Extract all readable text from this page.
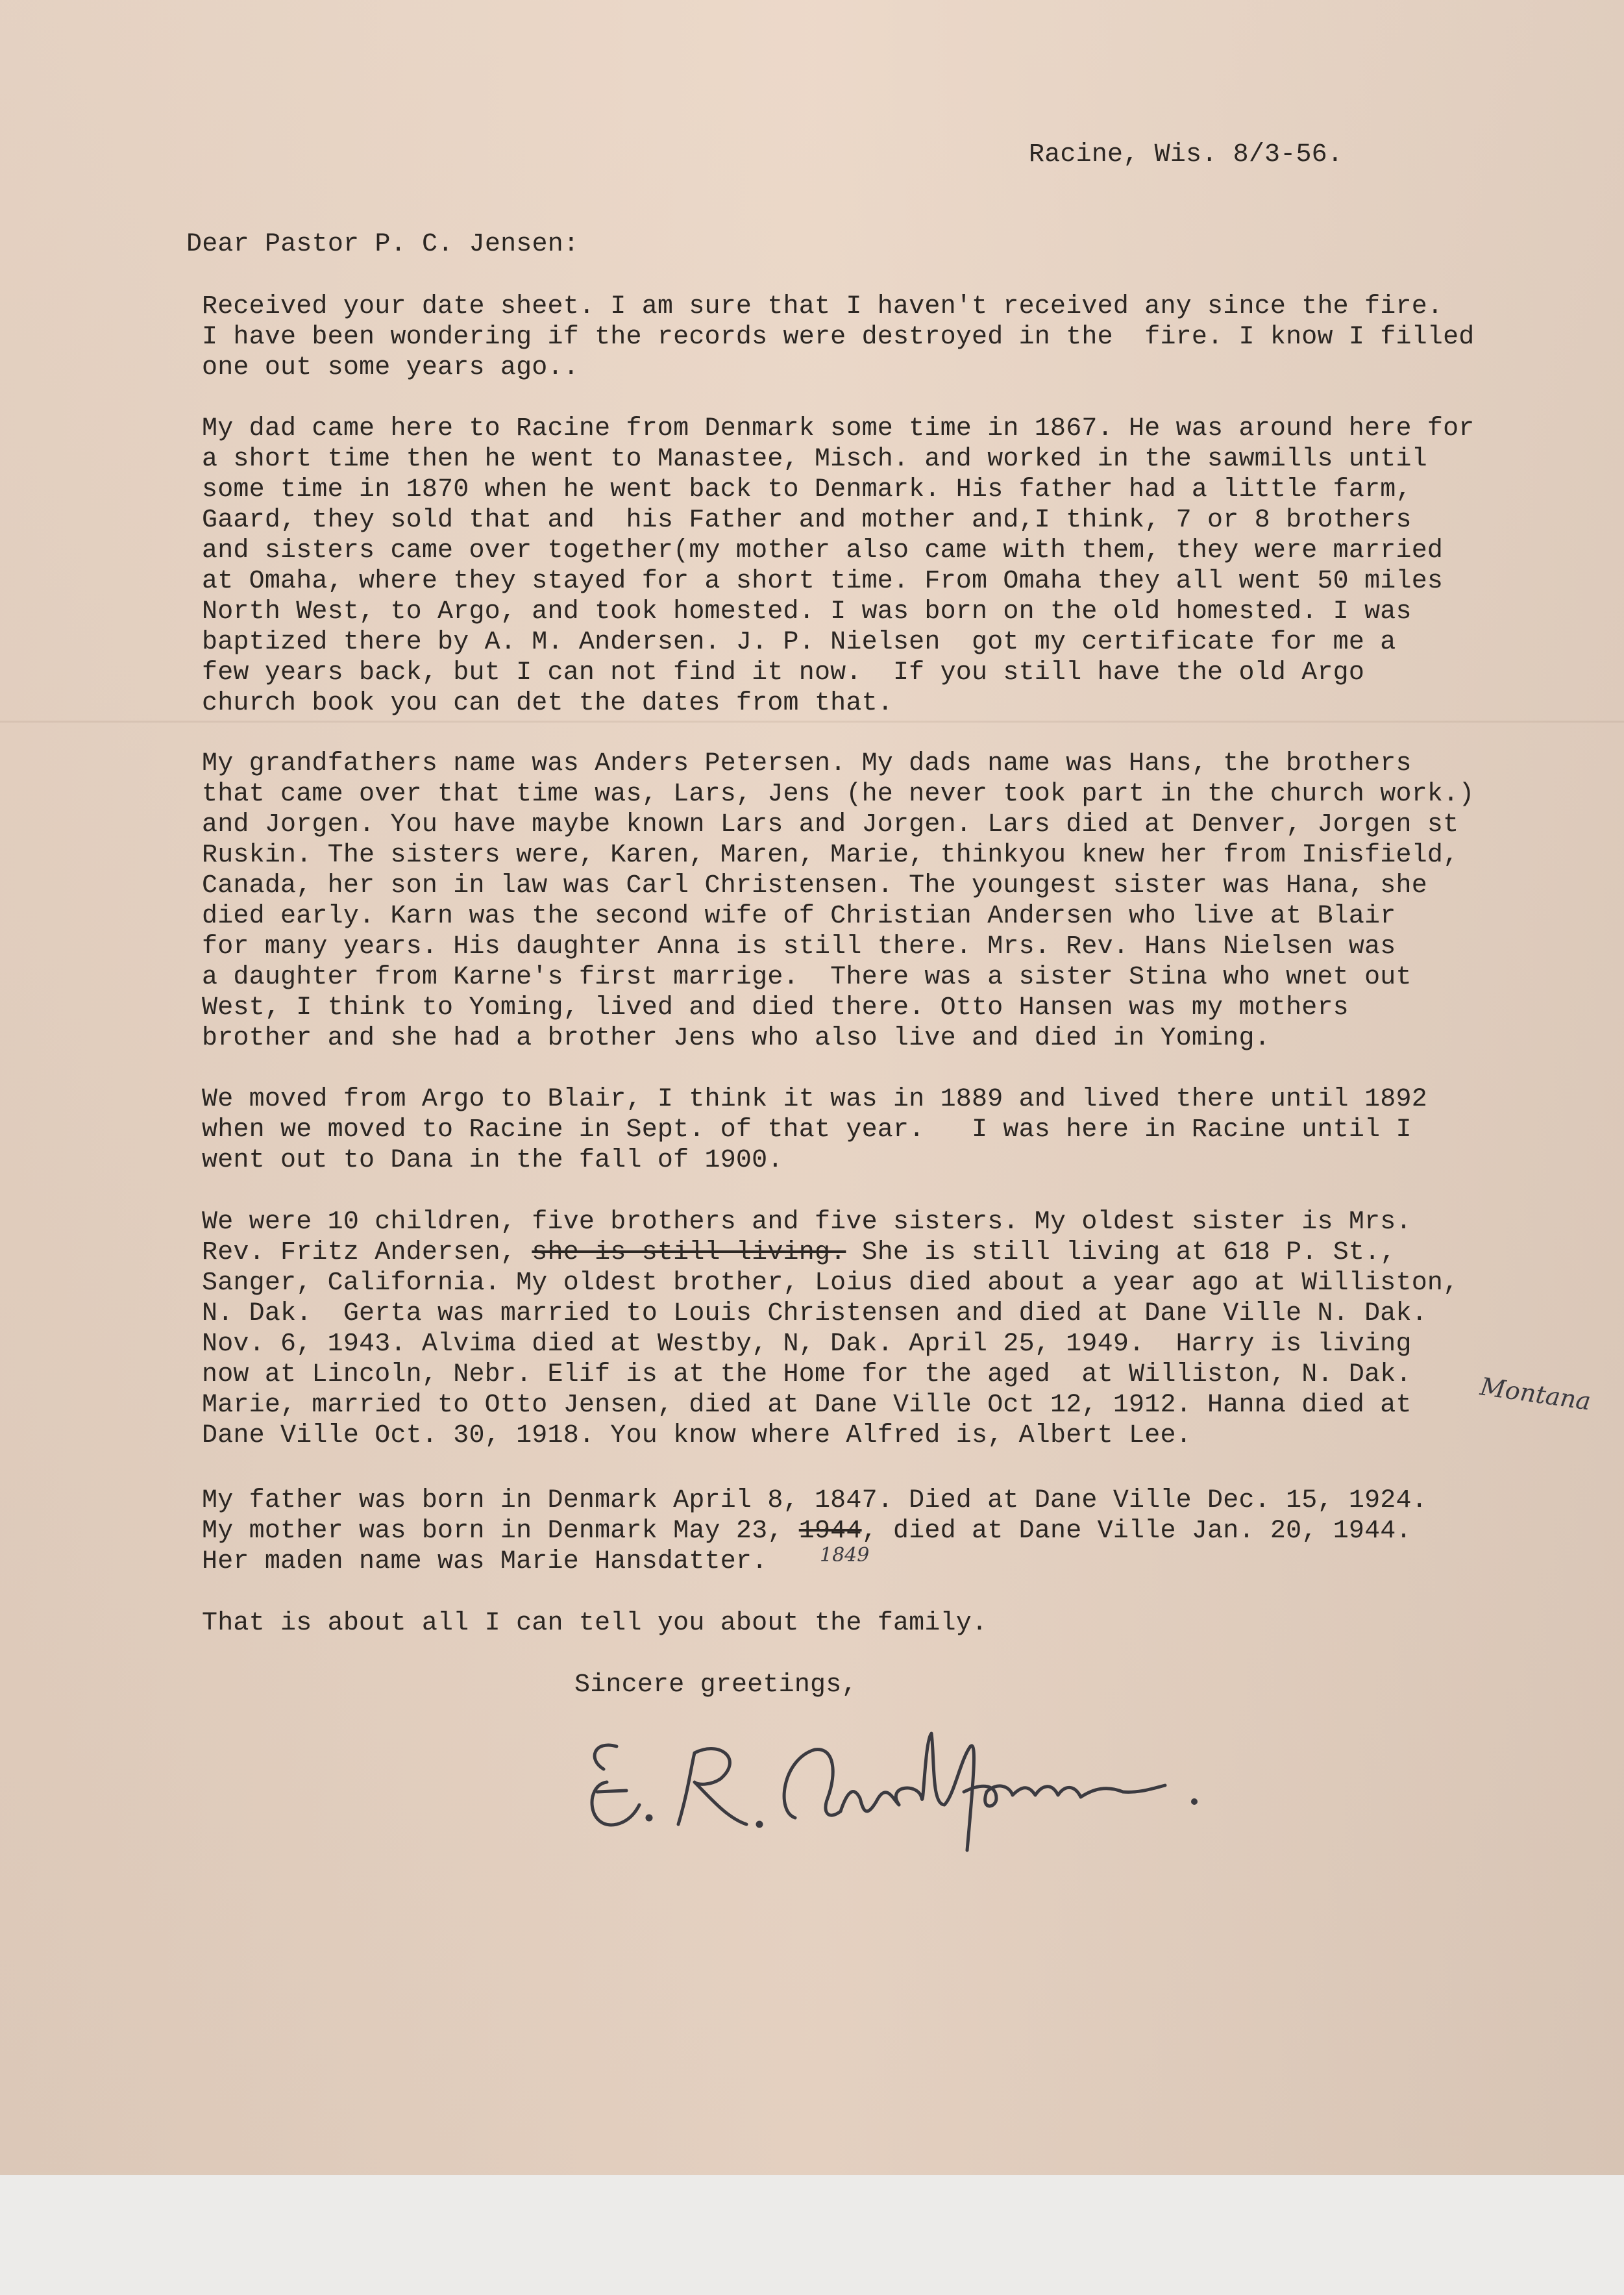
Racine, Wis. 8/3-56.
Dear Pastor P. C. Jensen:
Received your date sheet. I am sure that I haven't received any since the fire.
I have been wondering if the records were destroyed in the  fire. I know I filled
one out some years ago..
My dad came here to Racine from Denmark some time in 1867. He was around here for
a short time then he went to Manastee, Misch. and worked in the sawmills until
some time in 1870 when he went back to Denmark. His father had a little farm,
Gaard, they sold that and  his Father and mother and,I think, 7 or 8 brothers
and sisters came over together(my mother also came with them, they were married
at Omaha, where they stayed for a short time. From Omaha they all went 50 miles
North West, to Argo, and took homested. I was born on the old homested. I was
baptized there by A. M. Andersen. J. P. Nielsen  got my certificate for me a
few years back, but I can not find it now.  If you still have the old Argo
church book you can det the dates from that.
My grandfathers name was Anders Petersen. My dads name was Hans, the brothers
that came over that time was, Lars, Jens (he never took part in the church work.)
and Jorgen. You have maybe known Lars and Jorgen. Lars died at Denver, Jorgen st
Ruskin. The sisters were, Karen, Maren, Marie, thinkyou knew her from Inisfield,
Canada, her son in law was Carl Christensen. The youngest sister was Hana, she
died early. Karn was the second wife of Christian Andersen who live at Blair
for many years. His daughter Anna is still there. Mrs. Rev. Hans Nielsen was
a daughter from Karne's first marrige.  There was a sister Stina who wnet out
West, I think to Yoming, lived and died there. Otto Hansen was my mothers
brother and she had a brother Jens who also live and died in Yoming.
We moved from Argo to Blair, I think it was in 1889 and lived there until 1892
when we moved to Racine in Sept. of that year.   I was here in Racine until I
went out to Dana in the fall of 1900.
We were 10 children, five brothers and five sisters. My oldest sister is Mrs.
Rev. Fritz Andersen, she is still living. She is still living at 618 P. St.,
Sanger, California. My oldest brother, Loius died about a year ago at Williston,
N. Dak.  Gerta was married to Louis Christensen and died at Dane Ville N. Dak.
Nov. 6, 1943. Alvima died at Westby, N, Dak. April 25, 1949.  Harry is living
now at Lincoln, Nebr. Elif is at the Home for the aged  at Williston, N. Dak.
Marie, married to Otto Jensen, died at Dane Ville Oct 12, 1912. Hanna died at
Dane Ville Oct. 30, 1918. You know where Alfred is, Albert Lee.
My father was born in Denmark April 8, 1847. Died at Dane Ville Dec. 15, 1924.
My mother was born in Denmark May 23, 1944, died at Dane Ville Jan. 20, 1944.
Her maden name was Marie Hansdatter.
That is about all I can tell you about the family.
Sincere greetings,
Montana
1849
